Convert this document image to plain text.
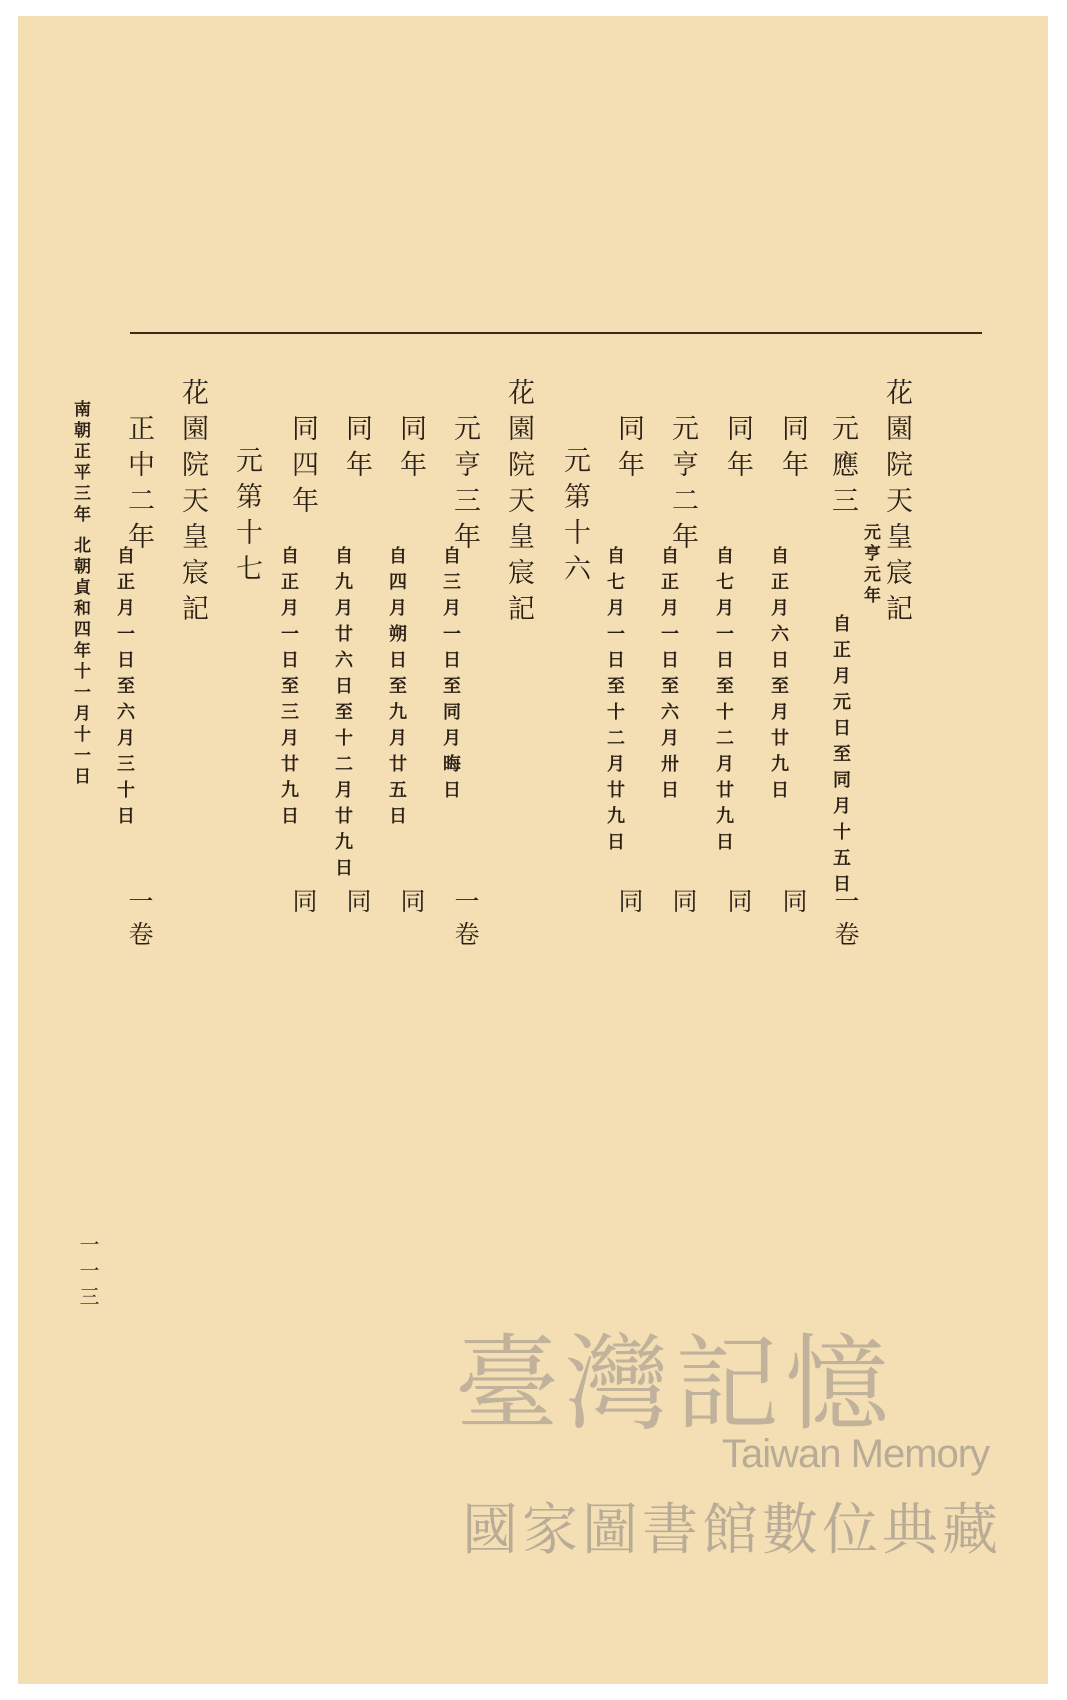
花園院天皇宸記
元應三
元亨元年
自正月元日至同月十五日
一卷
同年
自正月六日至月廿九日
同
同年
自七月一日至十二月廿九日
同
元亨二年
自正月一日至六月卅日
同
同年
自七月一日至十二月廿九日
同
元第十六
花園院天皇宸記
元亨三年
自三月一日至同月晦日
一卷
同年
自四月朔日至九月廿五日
同
同年
自九月廿六日至十二月廿九日
同
同四年
自正月一日至三月廿九日
同
元第十七
花園院天皇宸記
正中二年
自正月一日至六月三十日
一卷
南朝正平三年 北朝貞和四年十一月十一日
一一三
臺灣記憶
Taiwan Memory
國家圖書館數位典藏
